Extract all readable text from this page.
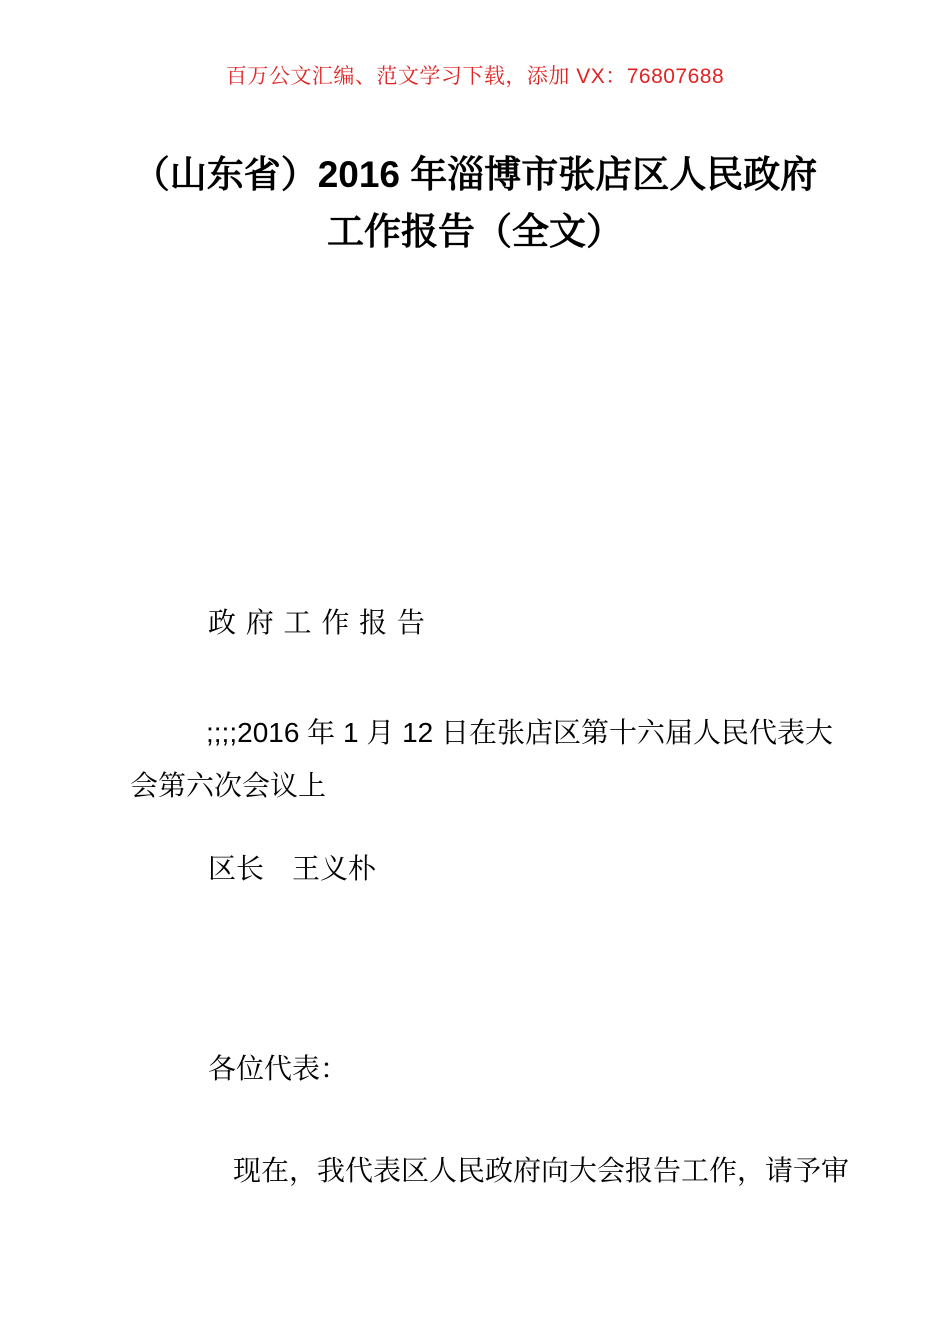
百万公文汇编、范文学习下载，添加 VX：76807688
（山东省）2016 年淄博市张店区人民政府
工作报告（全文）
政 府 工 作 报 告
;;;;2016 年 1 月 12 日在张店区第十六届人民代表大会第六次会议上
区长　王义朴
各位代表：
现在，我代表区人民政府向大会报告工作，请予审
